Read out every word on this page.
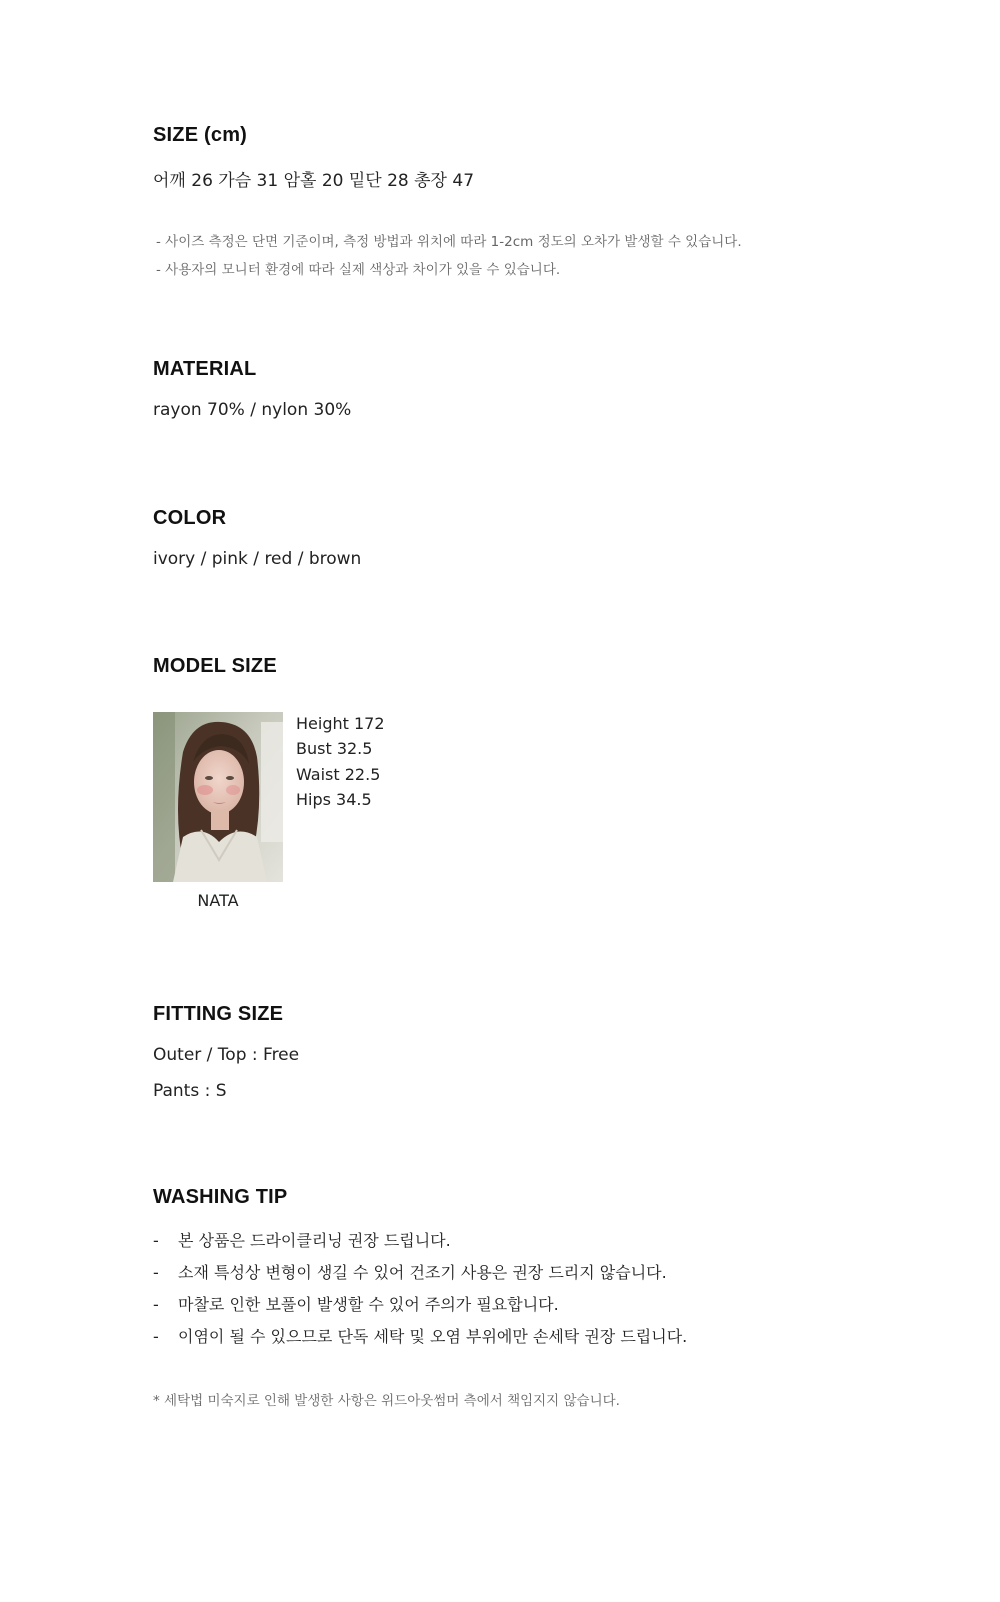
SIZE (cm)
어깨 26 가슴 31 암홀 20 밑단 28 총장 47
- 사이즈 측정은 단면 기준이며, 측정 방법과 위치에 따라 1-2cm 정도의 오차가 발생할 수 있습니다.
- 사용자의 모니터 환경에 따라 실제 색상과 차이가 있을 수 있습니다.
MATERIAL
rayon 70% / nylon 30%
COLOR
ivory / pink / red / brown
MODEL SIZE
NATA
Height 172
Bust 32.5
Waist 22.5
Hips 34.5
FITTING SIZE
Outer / Top : Free
Pants : S
WASHING TIP
- 본 상품은 드라이클리닝 권장 드립니다.
- 소재 특성상 변형이 생길 수 있어 건조기 사용은 권장 드리지 않습니다.
- 마찰로 인한 보풀이 발생할 수 있어 주의가 필요합니다.
- 이염이 될 수 있으므로 단독 세탁 및 오염 부위에만 손세탁 권장 드립니다.
* 세탁법 미숙지로 인해 발생한 사항은 위드아웃썸머 측에서 책임지지 않습니다.
